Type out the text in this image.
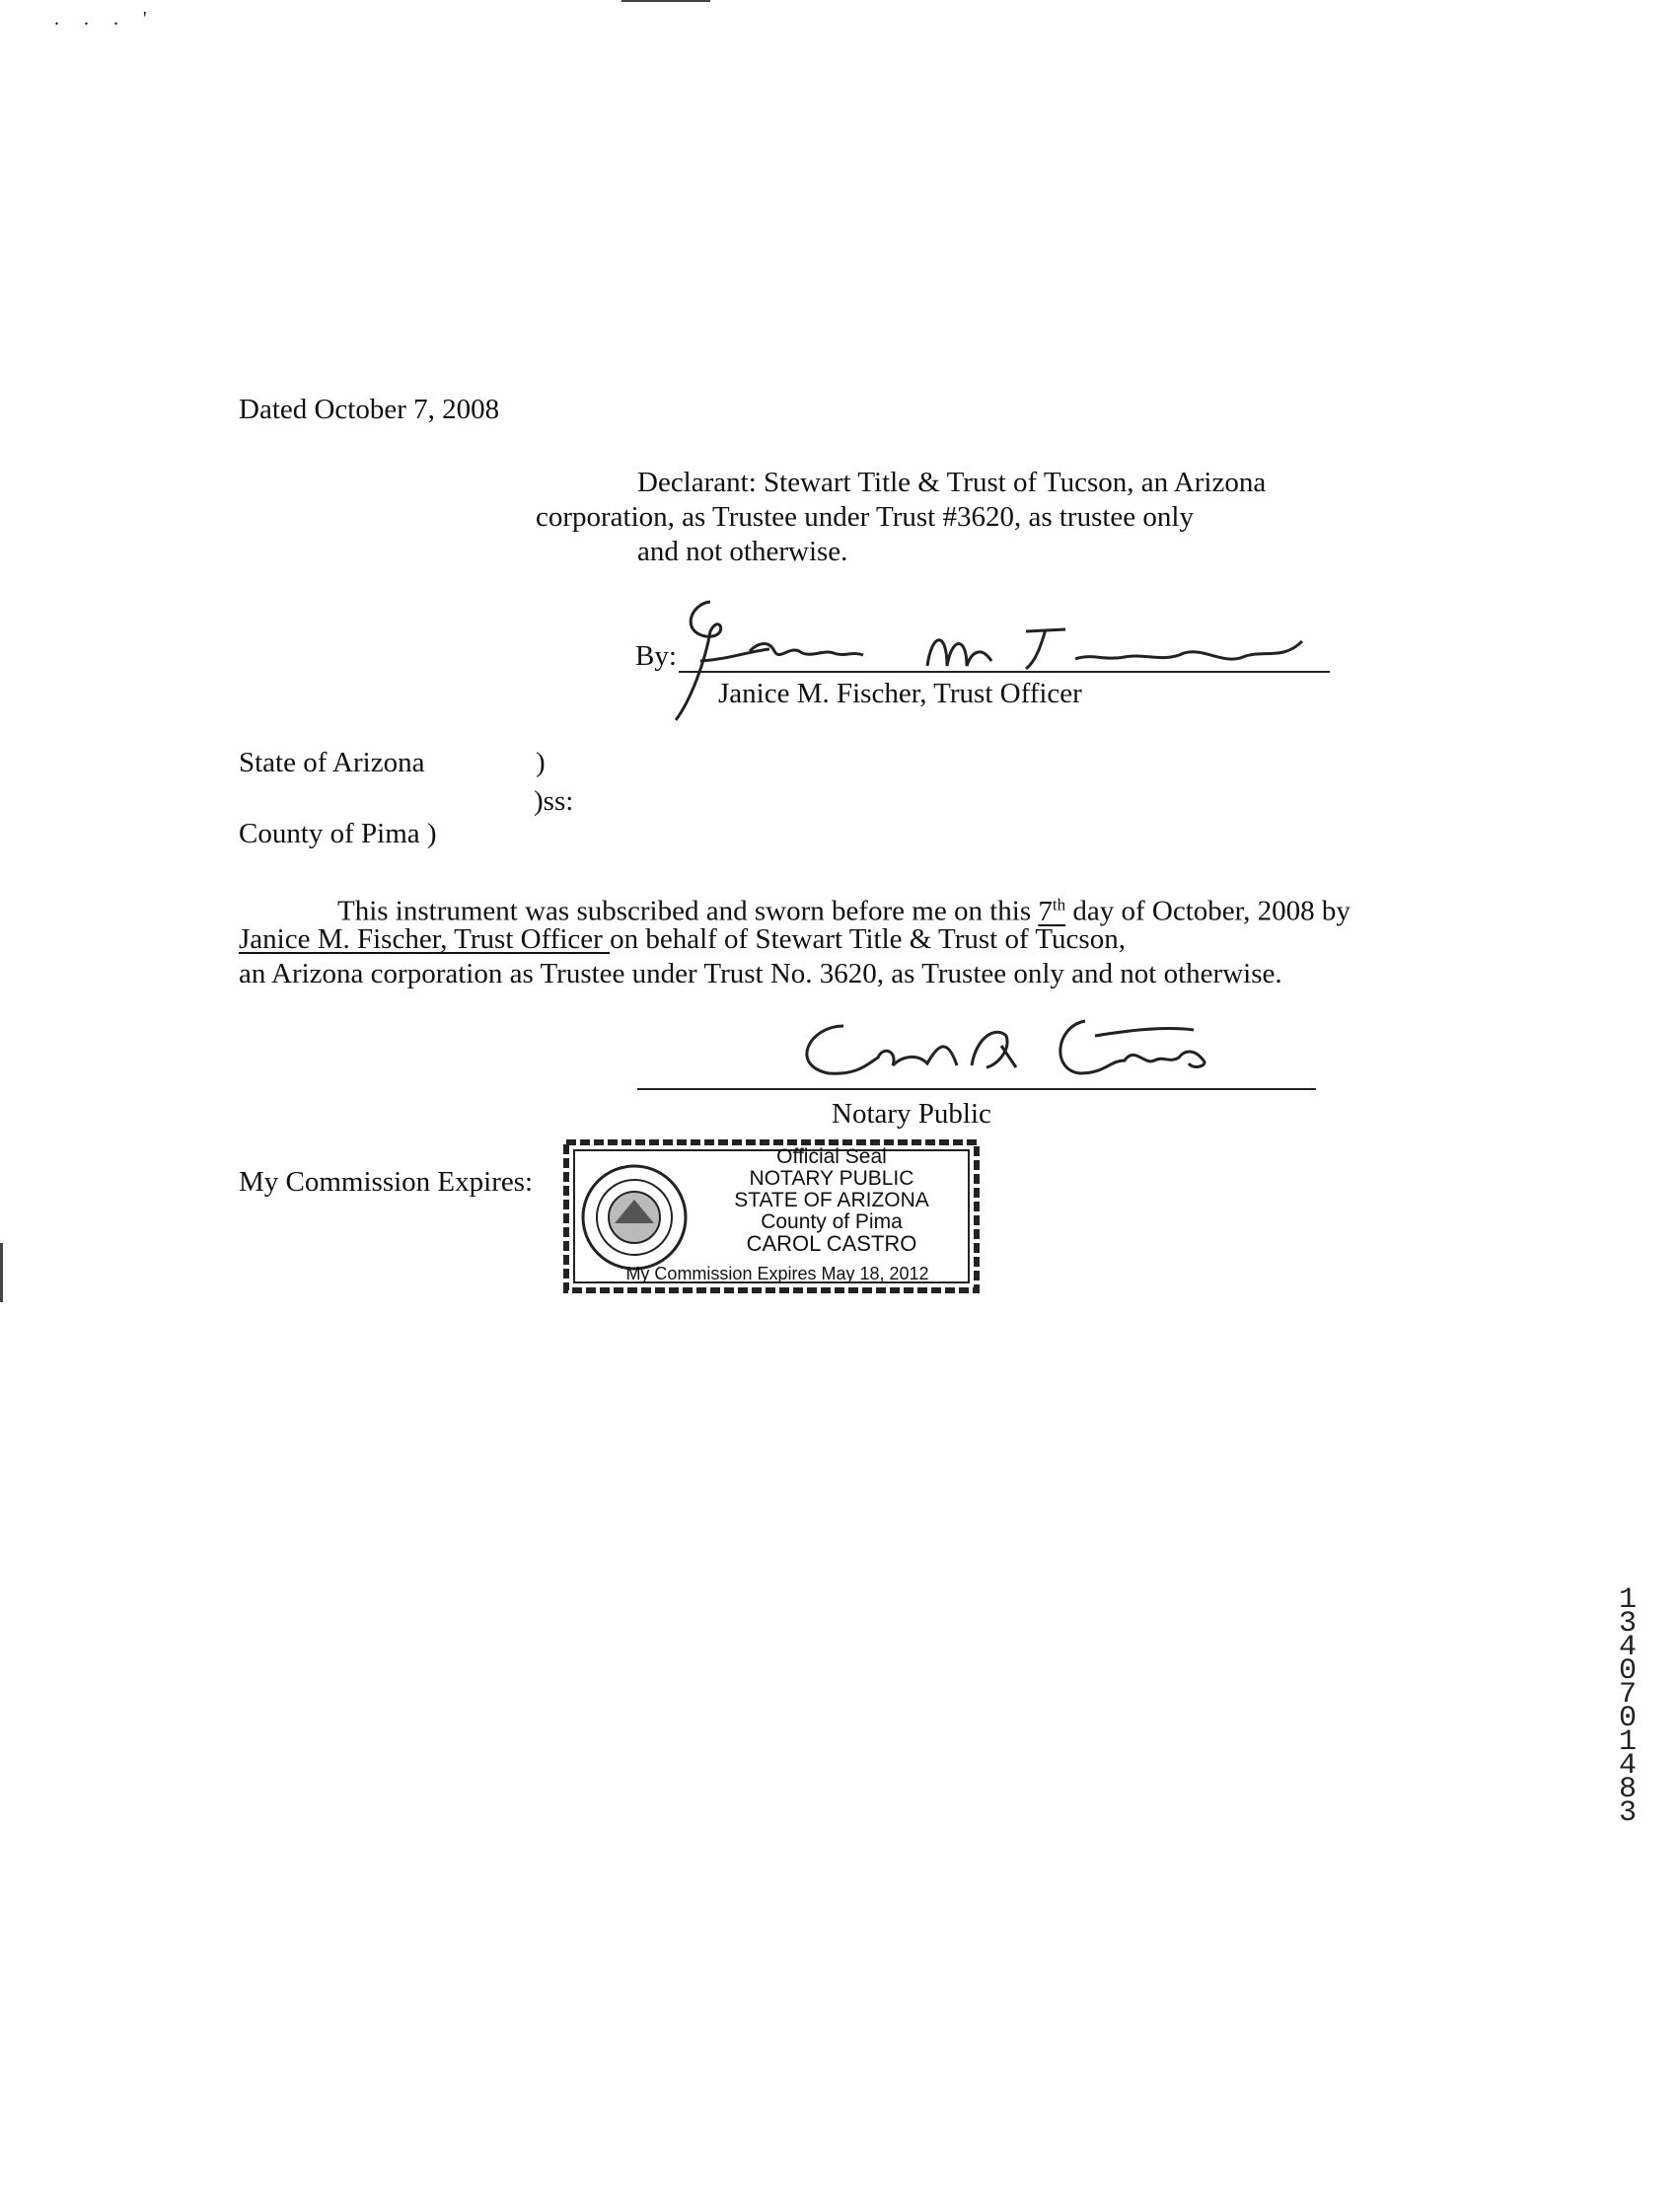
. . . '
Dated October 7, 2008
Declarant: Stewart Title & Trust of Tucson, an Arizona
corporation, as Trustee under Trust #3620, as trustee only
and not otherwise.
By:
Janice M. Fischer, Trust Officer
State of Arizona	)
)ss:
County of Pima )
This instrument was subscribed and sworn before me on this 7th day of October, 2008 by
Janice M. Fischer, Trust Officer on behalf of Stewart Title & Trust of Tucson,
an Arizona corporation as Trustee under Trust No. 3620, as Trustee only and not otherwise.
Notary Public
My Commission Expires:
Official Seal
NOTARY PUBLIC
STATE OF ARIZONA
County of Pima
CAROL CASTRO
My Commission Expires May 18, 2012
13407 01483
